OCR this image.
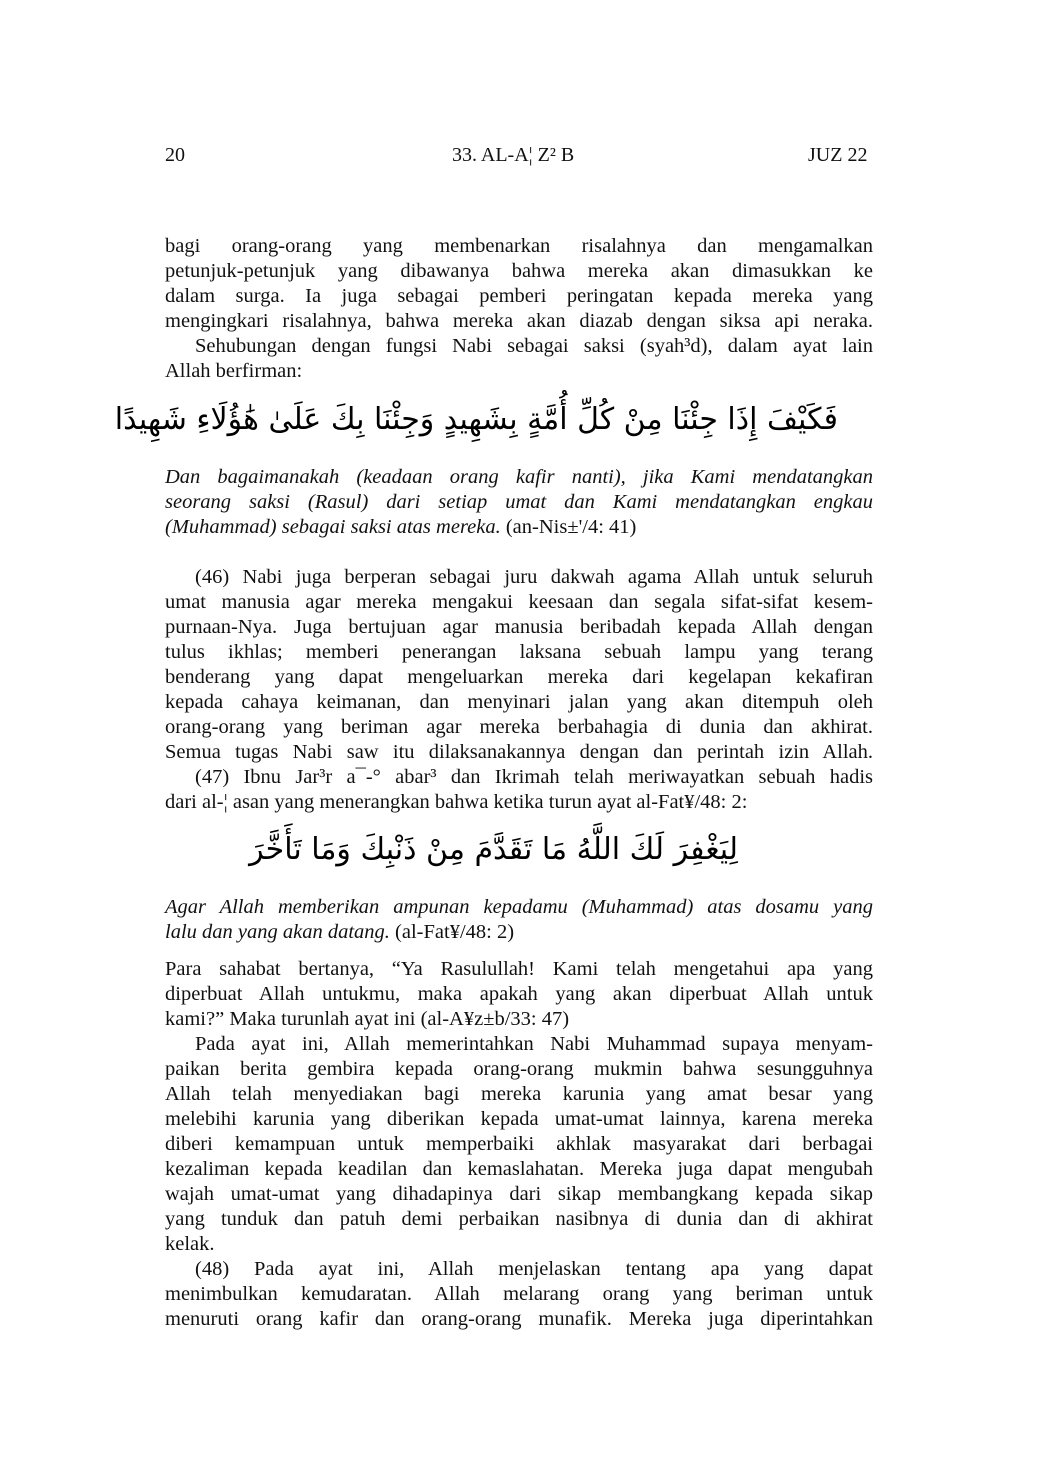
20	33. AL-A¦ Z² B	JUZ 22
bagi orang-orang yang membenarkan risalahnya dan mengamalkan
petunjuk-petunjuk yang dibawanya bahwa mereka akan dimasukkan ke
dalam surga. Ia juga sebagai pemberi peringatan kepada mereka yang
mengingkari risalahnya, bahwa mereka akan diazab dengan siksa api neraka.
Sehubungan dengan fungsi Nabi sebagai saksi (syah³d), dalam ayat lain
Allah berfirman:
فَكَيْفَ إِذَا جِئْنَا مِنْ كُلِّ أُمَّةٍ بِشَهِيدٍ وَجِئْنَا بِكَ عَلَىٰ هَٰؤُلَاءِ شَهِيدًا
Dan bagaimanakah (keadaan orang kafir nanti), jika Kami mendatangkan
seorang saksi (Rasul) dari setiap umat dan Kami mendatangkan engkau
(Muhammad) sebagai saksi atas mereka. (an-Nis±'/4: 41)
(46) Nabi juga berperan sebagai juru dakwah agama Allah untuk seluruh
umat manusia agar mereka mengakui keesaan dan segala sifat-sifat kesem-
purnaan-Nya. Juga bertujuan agar manusia beribadah kepada Allah dengan
tulus ikhlas; memberi penerangan laksana sebuah lampu yang terang
benderang yang dapat mengeluarkan mereka dari kegelapan kekafiran
kepada cahaya keimanan, dan menyinari jalan yang akan ditempuh oleh
orang-orang yang beriman agar mereka berbahagia di dunia dan akhirat.
Semua tugas Nabi saw itu dilaksanakannya dengan dan perintah izin Allah.
(47) Ibnu Jar³r a¯-° abar³ dan Ikrimah telah meriwayatkan sebuah hadis
dari al-¦ asan yang menerangkan bahwa ketika turun ayat al-Fat¥/48: 2:
لِيَغْفِرَ لَكَ اللَّهُ مَا تَقَدَّمَ مِنْ ذَنْبِكَ وَمَا تَأَخَّرَ
Agar Allah memberikan ampunan kepadamu (Muhammad) atas dosamu yang
lalu dan yang akan datang. (al-Fat¥/48: 2)
Para sahabat bertanya, “Ya Rasulullah! Kami telah mengetahui apa yang
diperbuat Allah untukmu, maka apakah yang akan diperbuat Allah untuk
kami?” Maka turunlah ayat ini (al-A¥z±b/33: 47)
Pada ayat ini, Allah memerintahkan Nabi Muhammad supaya menyam-
paikan berita gembira kepada orang-orang mukmin bahwa sesungguhnya
Allah telah menyediakan bagi mereka karunia yang amat besar yang
melebihi karunia yang diberikan kepada umat-umat lainnya, karena mereka
diberi kemampuan untuk memperbaiki akhlak masyarakat dari berbagai
kezaliman kepada keadilan dan kemaslahatan. Mereka juga dapat mengubah
wajah umat-umat yang dihadapinya dari sikap membangkang kepada sikap
yang tunduk dan patuh demi perbaikan nasibnya di dunia dan di akhirat
kelak.
(48) Pada ayat ini, Allah menjelaskan tentang apa yang dapat
menimbulkan kemudaratan. Allah melarang orang yang beriman untuk
menuruti orang kafir dan orang-orang munafik. Mereka juga diperintahkan
